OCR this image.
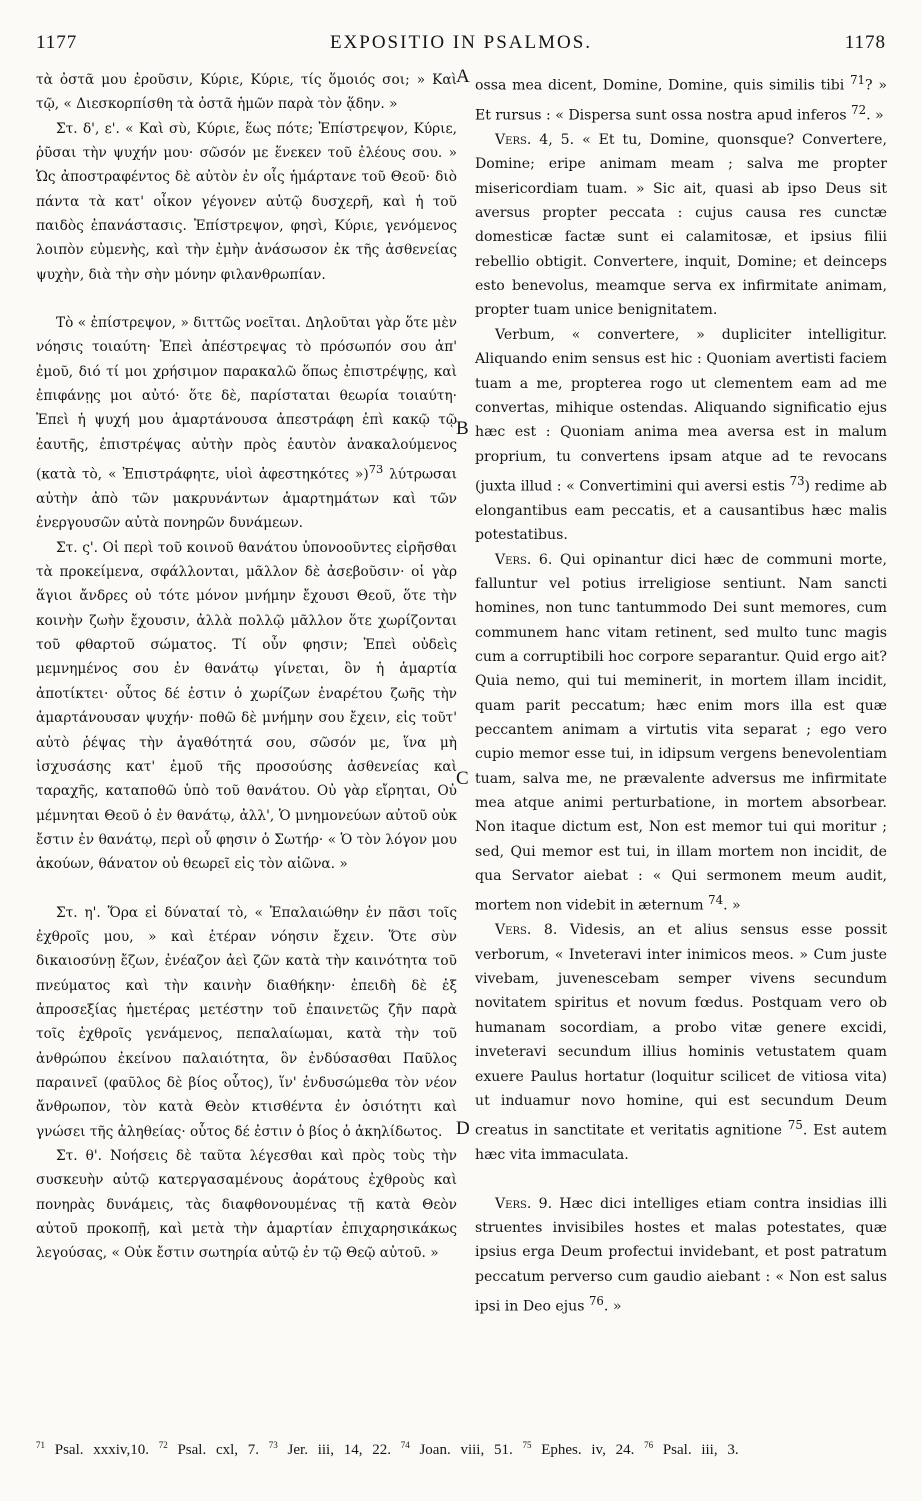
1177	EXPOSITIO IN PSALMOS.	1178

τὰ ὀστᾶ μου ἐροῦσιν, Κύριε, Κύριε, τίς ὅμοιός σοι; » Καὶ τῷ, « Διεσκορπίσθη τὰ ὀστᾶ ἡμῶν παρὰ τὸν ᾅδην. »

Στ. δ', ε'. « Καὶ σὺ, Κύριε, ἕως πότε; Ἐπίστρεψον, Κύριε, ῥῦσαι τὴν ψυχήν μου· σῶσόν με ἕνεκεν τοῦ ἐλέους σου. » Ὡς ἀποστραφέντος δὲ αὐτὸν ἐν οἷς ἡμάρτανε τοῦ Θεοῦ· διὸ πάντα τὰ κατ' οἶκον γέγονεν αὐτῷ δυσχερῆ, καὶ ἡ τοῦ παιδὸς ἐπανάστασις. Ἐπίστρεψον, φησὶ, Κύριε, γενόμενος λοιπὸν εὐμενὴς, καὶ τὴν ἐμὴν ἀνάσωσον ἐκ τῆς ἀσθενείας ψυχὴν, διὰ τὴν σὴν μόνην φιλανθρωπίαν.

Τὸ « ἐπίστρεψον, » διττῶς νοεῖται. Δηλοῦται γὰρ ὅτε μὲν νόησις τοιαύτη· Ἐπεὶ ἀπέστρεψας τὸ πρόσωπόν σου ἀπ' ἐμοῦ, διό τί μοι χρήσιμον παρακαλῶ ὅπως ἐπιστρέψῃς, καὶ ἐπιφάνῃς μοι αὐτό· ὅτε δὲ, παρίσταται θεωρία τοιαύτη· Ἐπεὶ ἡ ψυχή μου ἁμαρτάνουσα ἀπεστράφη ἐπὶ κακῷ τῷ ἑαυτῆς, ἐπιστρέψας αὐτὴν πρὸς ἑαυτὸν ἀνακαλούμενος (κατὰ τὸ, « Ἐπιστράφητε, υἱοὶ ἀφεστηκότες »)$^{73}$ λύτρωσαι αὐτὴν ἀπὸ τῶν μακρυνάντων ἁμαρτημάτων καὶ τῶν ἐνεργουσῶν αὐτὰ πονηρῶν δυνάμεων.

Στ. ς'. Οἱ περὶ τοῦ κοινοῦ θανάτου ὑπονοοῦντες εἰρῆσθαι τὰ προκείμενα, σφάλλονται, μᾶλλον δὲ ἀσεβοῦσιν· οἱ γὰρ ἅγιοι ἄνδρες οὐ τότε μόνον μνήμην ἔχουσι Θεοῦ, ὅτε τὴν κοινὴν ζωὴν ἔχουσιν, ἀλλὰ πολλῷ μᾶλλον ὅτε χωρίζονται τοῦ φθαρτοῦ σώματος. Τί οὖν φησιν; Ἐπεὶ οὐδεὶς μεμνημένος σου ἐν θανάτῳ γίνεται, ὃν ἡ ἁμαρτία ἀποτίκτει· οὗτος δέ ἐστιν ὁ χωρίζων ἐναρέτου ζωῆς τὴν ἁμαρτάνουσαν ψυχήν· ποθῶ δὲ μνήμην σου ἔχειν, εἰς τοῦτ' αὐτὸ ῥέψας τὴν ἀγαθότητά σου, σῶσόν με, ἵνα μὴ ἰσχυσάσης κατ' ἐμοῦ τῆς προσούσης ἀσθενείας καὶ ταραχῆς, καταποθῶ ὑπὸ τοῦ θανάτου. Οὐ γὰρ εἴρηται, Οὐ μέμνηται Θεοῦ ὁ ἐν θανάτῳ, ἀλλ', Ὁ μνημονεύων αὐτοῦ οὐκ ἔστιν ἐν θανάτῳ, περὶ οὗ φησιν ὁ Σωτήρ· « Ὁ τὸν λόγον μου ἀκούων, θάνατον οὐ θεωρεῖ εἰς τὸν αἰῶνα. »

Στ. η'. Ὅρα εἰ δύναταί τὸ, « Ἐπαλαιώθην ἐν πᾶσι τοῖς ἐχθροῖς μου, » καὶ ἑτέραν νόησιν ἔχειν. Ὅτε σὺν δικαιοσύνῃ ἔζων, ἐνέαζον ἀεὶ ζῶν κατὰ τὴν καινότητα τοῦ πνεύματος καὶ τὴν καινὴν διαθήκην· ἐπειδὴ δὲ ἐξ ἀπροσεξίας ἡμετέρας μετέστην τοῦ ἐπαινετῶς ζῆν παρὰ τοῖς ἐχθροῖς γενάμενος, πεπαλαίωμαι, κατὰ τὴν τοῦ ἀνθρώπου ἐκείνου παλαιότητα, ὃν ἐνδύσασθαι Παῦλος παραινεῖ (φαῦλος δὲ βίος οὗτος), ἵν' ἐνδυσώμεθα τὸν νέον ἄνθρωπον, τὸν κατὰ Θεὸν κτισθέντα ἐν ὁσιότητι καὶ γνώσει τῆς ἀληθείας· οὗτος δέ ἐστιν ὁ βίος ὁ ἀκηλίδωτος.

Στ. θ'. Νοήσεις δὲ ταῦτα λέγεσθαι καὶ πρὸς τοὺς τὴν συσκευὴν αὐτῷ κατεργασαμένους ἀοράτους ἐχθροὺς καὶ πονηρὰς δυνάμεις, τὰς διαφθονουμένας τῇ κατὰ Θεὸν αὐτοῦ προκοπῇ, καὶ μετὰ τὴν ἁμαρτίαν ἐπιχαρησικάκως λεγούσας, « Οὐκ ἔστιν σωτηρία αὐτῷ ἐν τῷ Θεῷ αὐτοῦ. »

A
B
C
D

ossa mea dicent, Domine, Domine, quis similis tibi $^{71}$? » Et rursus : « Dispersa sunt ossa nostra apud inferos $^{72}$. »

Vers. 4, 5. « Et tu, Domine, quonsque? Convertere, Domine; eripe animam meam ; salva me propter misericordiam tuam. » Sic ait, quasi ab ipso Deus sit aversus propter peccata : cujus causa res cunctæ domesticæ factæ sunt ei calamitosæ, et ipsius filii rebellio obtigit. Convertere, inquit, Domine; et deinceps esto benevolus, meamque serva ex infirmitate animam, propter tuam unice benignitatem.

Verbum, « convertere, » dupliciter intelligitur. Aliquando enim sensus est hic : Quoniam avertisti faciem tuam a me, propterea rogo ut clementem eam ad me convertas, mihique ostendas. Aliquando significatio ejus hæc est : Quoniam anima mea aversa est in malum proprium, tu convertens ipsam atque ad te revocans (juxta illud : « Convertimini qui aversi estis $^{73}$) redime ab elongantibus eam peccatis, et a causantibus hæc malis potestatibus.

Vers. 6. Qui opinantur dici hæc de communi morte, falluntur vel potius irreligiose sentiunt. Nam sancti homines, non tunc tantummodo Dei sunt memores, cum communem hanc vitam retinent, sed multo tunc magis cum a corruptibili hoc corpore separantur. Quid ergo ait? Quia nemo, qui tui meminerit, in mortem illam incidit, quam parit peccatum; hæc enim mors illa est quæ peccantem animam a virtutis vita separat ; ego vero cupio memor esse tui, in idipsum vergens benevolentiam tuam, salva me, ne prævalente adversus me infirmitate mea atque animi perturbatione, in mortem absorbear. Non itaque dictum est, Non est memor tui qui moritur ; sed, Qui memor est tui, in illam mortem non incidit, de qua Servator aiebat : « Qui sermonem meum audit, mortem non videbit in æternum $^{74}$. »

Vers. 8. Videsis, an et alius sensus esse possit verborum, « Inveteravi inter inimicos meos. » Cum juste vivebam, juvenescebam semper vivens secundum novitatem spiritus et novum fœdus. Postquam vero ob humanam socordiam, a probo vitæ genere excidi, inveteravi secundum illius hominis vetustatem quam exuere Paulus hortatur (loquitur scilicet de vitiosa vita) ut induamur novo homine, qui est secundum Deum creatus in sanctitate et veritatis agnitione $^{75}$. Est autem hæc vita immaculata.

Vers. 9. Hæc dici intelliges etiam contra insidias illi struentes invisibiles hostes et malas potestates, quæ ipsius erga Deum profectui invidebant, et post patratum peccatum perverso cum gaudio aiebant : « Non est salus ipsi in Deo ejus $^{76}$. »

$^{71}$ Psal. xxxiv,10. $^{72}$ Psal. cxl, 7. $^{73}$ Jer. iii, 14, 22. $^{74}$ Joan. viii, 51. $^{75}$ Ephes. iv, 24. $^{76}$ Psal. iii, 3.
